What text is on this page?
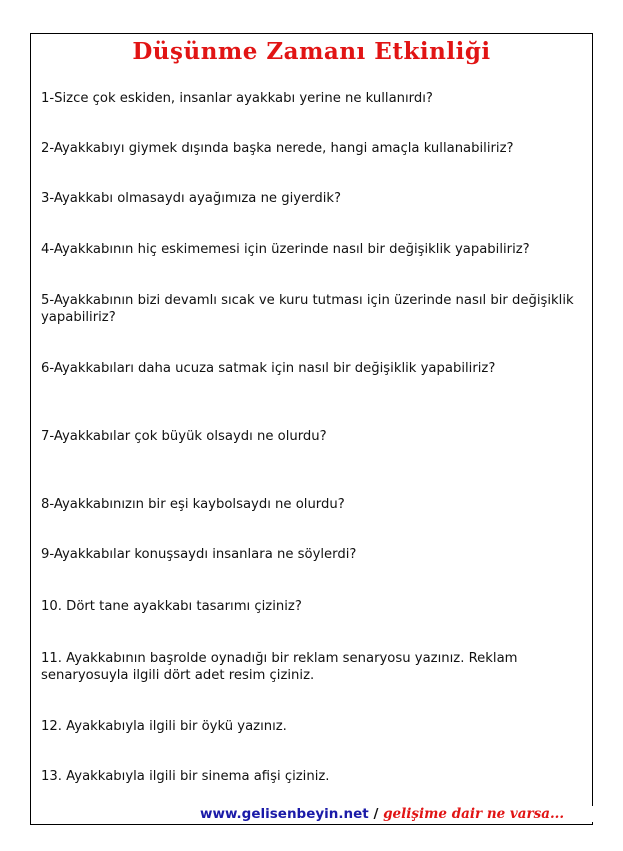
Düşünme Zamanı Etkinliği
1-Sizce çok eskiden, insanlar ayakkabı yerine ne kullanırdı?
2-Ayakkabıyı giymek dışında başka nerede, hangi amaçla kullanabiliriz?
3-Ayakkabı olmasaydı ayağımıza ne giyerdik?
4-Ayakkabının hiç eskimemesi için üzerinde nasıl bir değişiklik yapabiliriz?
5-Ayakkabının bizi devamlı sıcak ve kuru tutması için üzerinde nasıl bir değişiklik yapabiliriz?
6-Ayakkabıları daha ucuza satmak için nasıl bir değişiklik yapabiliriz?
7-Ayakkabılar çok büyük olsaydı ne olurdu?
8-Ayakkabınızın bir eşi kaybolsaydı ne olurdu?
9-Ayakkabılar konuşsaydı insanlara ne söylerdi?
10. Dört tane ayakkabı tasarımı çiziniz?
11. Ayakkabının başrolde oynadığı bir reklam senaryosu yazınız. Reklam senaryosuyla ilgili dört adet resim çiziniz.
12. Ayakkabıyla ilgili bir öykü yazınız.
13. Ayakkabıyla ilgili bir sinema afişi çiziniz.
www.gelisenbeyin.net / gelişime dair ne varsa...
